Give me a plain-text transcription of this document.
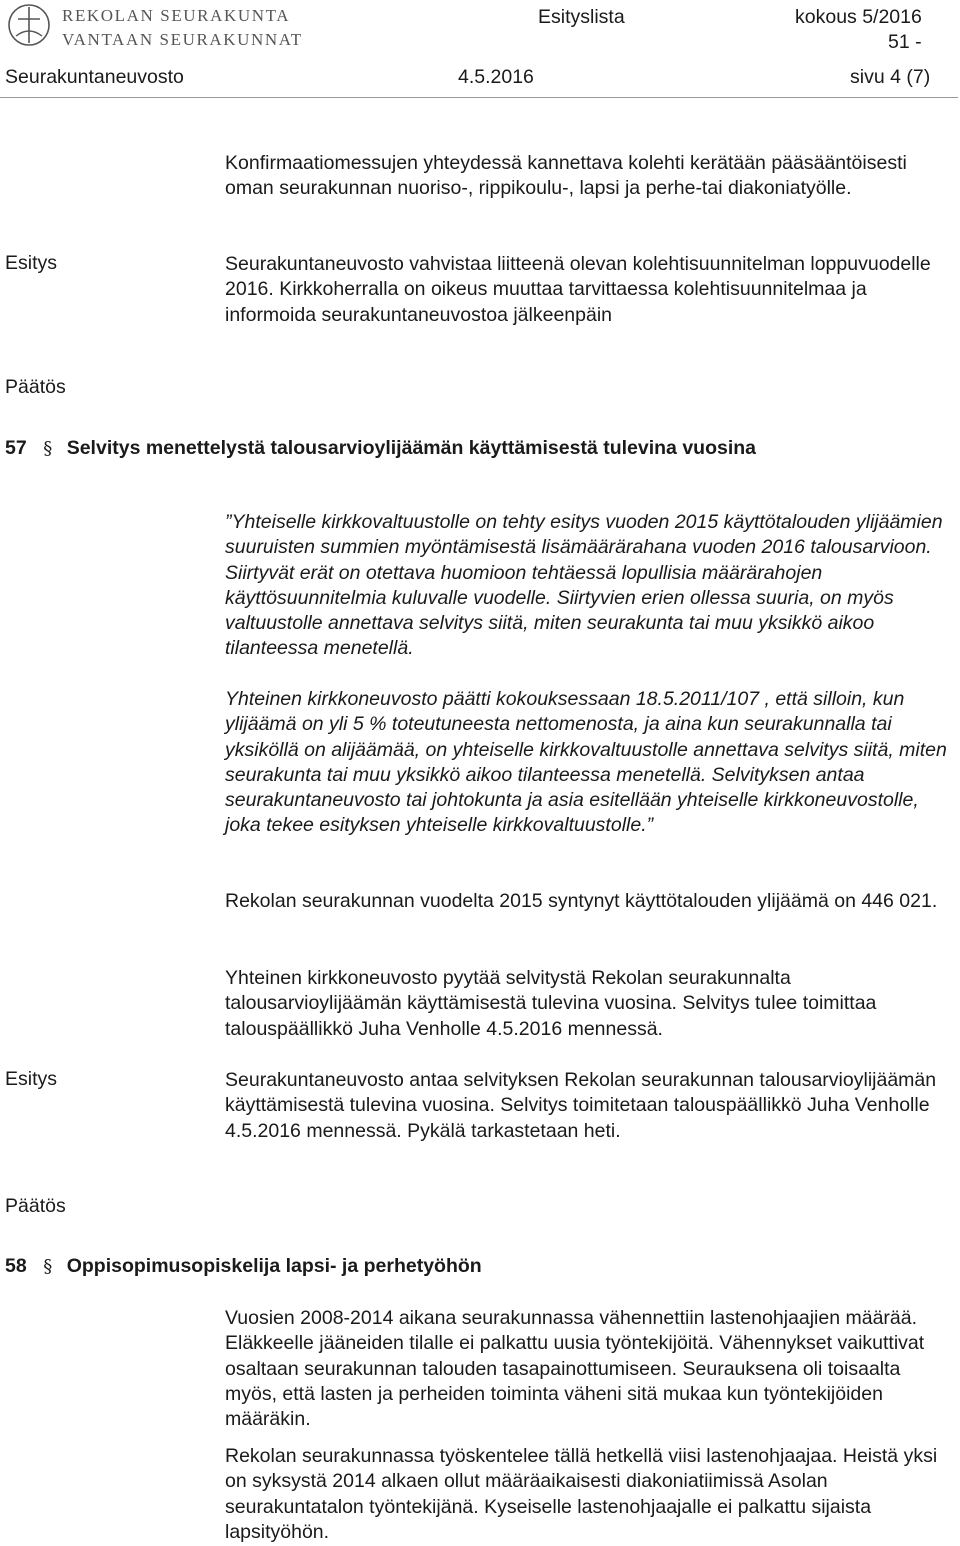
REKOLAN SEURAKUNTA
VANTAAN SEURAKUNNAT
Esityslista	kokous 5/2016
51 -
Seurakuntaneuvosto	4.5.2016	sivu 4 (7)

Konfirmaatiomessujen yhteydessä kannettava kolehti kerätään pääsääntöisesti oman seurakunnan nuoriso-, rippikoulu-, lapsi ja perhe-tai diakoniatyölle.

Esitys	Seurakuntaneuvosto vahvistaa liitteenä olevan kolehtisuunnitelman loppuvuodelle 2016. Kirkkoherralla on oikeus muuttaa tarvittaessa kolehtisuunnitelmaa ja informoida seurakuntaneuvostoa jälkeenpäin

Päätös
57 § Selvitys menettelystä talousarvioylijäämän käyttämisestä tulevina vuosina

”Yhteiselle kirkkovaltuustolle on tehty esitys vuoden 2015 käyttötalouden ylijäämien suuruisten summien myöntämisestä lisämäärärahana vuoden 2016 talousarvioon. Siirtyvät erät on otettava huomioon tehtäessä lopullisia määrärahojen käyttösuunnitelmia kuluvalle vuodelle. Siirtyvien erien ollessa suuria, on myös valtuustolle annettava selvitys siitä, miten seurakunta tai muu yksikkö aikoo tilanteessa menetellä.

Yhteinen kirkkoneuvosto päätti kokouksessaan 18.5.2011/107 , että silloin, kun ylijäämä on yli 5 % toteutuneesta nettomenosta, ja aina kun seurakunnalla tai yksiköllä on alijäämää, on yhteiselle kirkkovaltuustolle annettava selvitys siitä, miten seurakunta tai muu yksikkö aikoo tilanteessa menetellä. Selvityksen antaa seurakuntaneuvosto tai johtokunta ja asia esitellään yhteiselle kirkkoneuvostolle, joka tekee esityksen yhteiselle kirkkovaltuustolle.”

Rekolan seurakunnan vuodelta 2015 syntynyt käyttötalouden ylijäämä on 446 021.

Yhteinen kirkkoneuvosto pyytää selvitystä Rekolan seurakunnalta talousarvioylijäämän käyttämisestä tulevina vuosina. Selvitys tulee toimittaa talouspäällikkö Juha Venholle 4.5.2016 mennessä.

Esitys	Seurakuntaneuvosto antaa selvityksen Rekolan seurakunnan talousarvioylijäämän käyttämisestä tulevina vuosina. Selvitys toimitetaan talouspäällikkö Juha Venholle 4.5.2016 mennessä. Pykälä tarkastetaan heti.

Päätös
58 § Oppisopimusopiskelija lapsi- ja perhetyöhön

Vuosien 2008-2014 aikana seurakunnassa vähennettiin lastenohjaajien määrää. Eläkkeelle jääneiden tilalle ei palkattu uusia työntekijöitä. Vähennykset vaikuttivat osaltaan seurakunnan talouden tasapainottumiseen. Seurauksena oli toisaalta myös, että lasten ja perheiden toiminta väheni sitä mukaa kun työntekijöiden määräkin.

Rekolan seurakunnassa työskentelee tällä hetkellä viisi lastenohjaajaa. Heistä yksi on syksystä 2014 alkaen ollut määräaikaisesti diakoniatiimissä Asolan seurakuntatalon työntekijänä. Kyseiselle lastenohjaajalle ei palkattu sijaista lapsityöhön.
